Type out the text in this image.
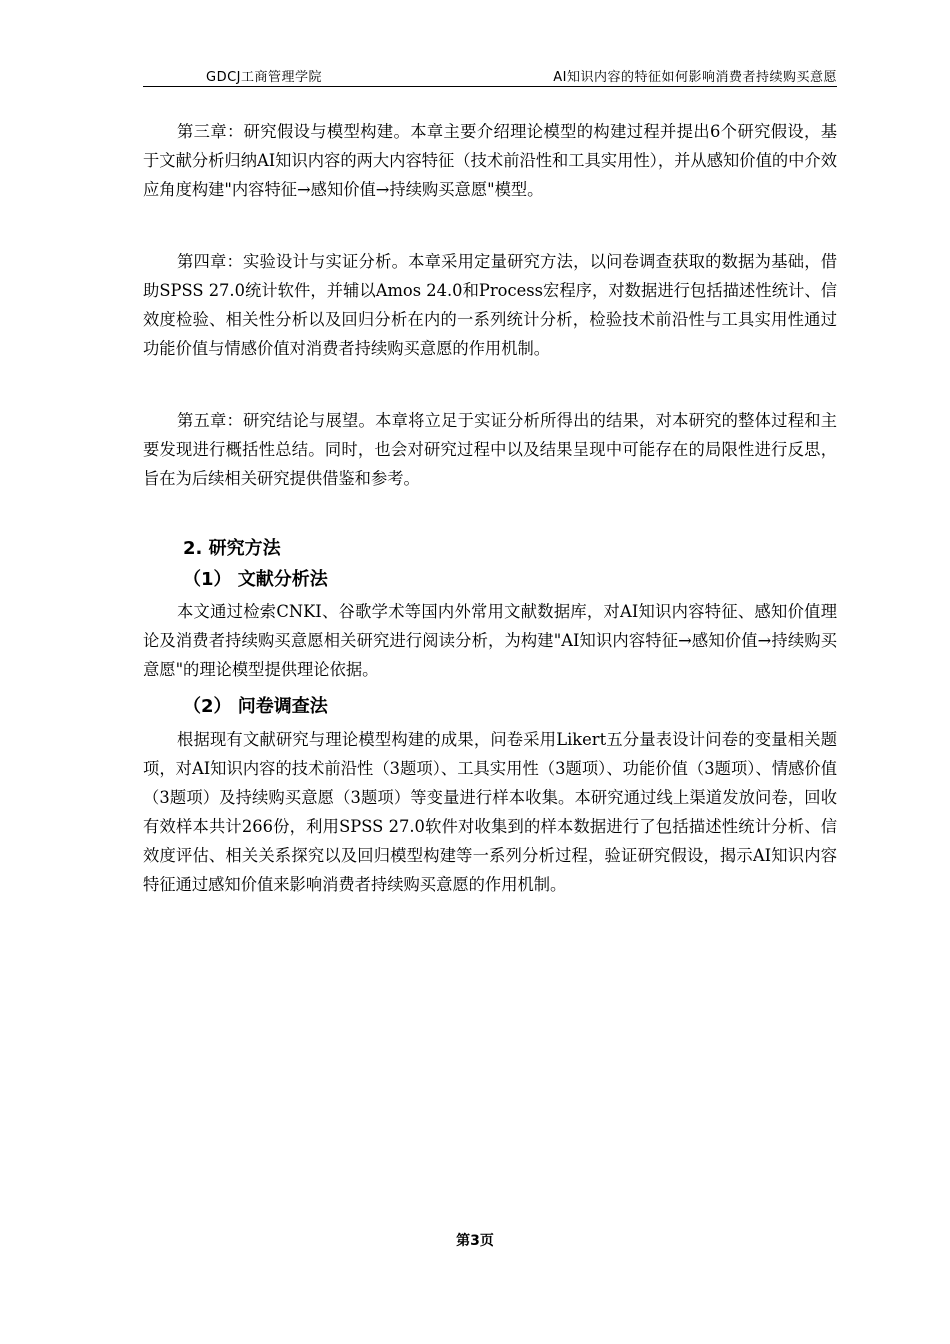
GDCJ工商管理学院	AI知识内容的特征如何影响消费者持续购买意愿

第三章：研究假设与模型构建。本章主要介绍理论模型的构建过程并提出6个研究假设，基于文献分析归纳AI知识内容的两大内容特征（技术前沿性和工具实用性），并从感知价值的中介效应角度构建"内容特征→感知价值→持续购买意愿"模型。

第四章：实验设计与实证分析。本章采用定量研究方法，以问卷调查获取的数据为基础，借助SPSS 27.0统计软件，并辅以Amos 24.0和Process宏程序，对数据进行包括描述性统计、信效度检验、相关性分析以及回归分析在内的一系列统计分析，检验技术前沿性与工具实用性通过功能价值与情感价值对消费者持续购买意愿的作用机制。

第五章：研究结论与展望。本章将立足于实证分析所得出的结果，对本研究的整体过程和主要发现进行概括性总结。同时，也会对研究过程中以及结果呈现中可能存在的局限性进行反思，旨在为后续相关研究提供借鉴和参考。

2. 研究方法
（1） 文献分析法

本文通过检索CNKI、谷歌学术等国内外常用文献数据库，对AI知识内容特征、感知价值理论及消费者持续购买意愿相关研究进行阅读分析，为构建"AI知识内容特征→感知价值→持续购买意愿"的理论模型提供理论依据。

（2） 问卷调查法

根据现有文献研究与理论模型构建的成果，问卷采用Likert五分量表设计问卷的变量相关题项，对AI知识内容的技术前沿性（3题项）、工具实用性（3题项）、功能价值（3题项）、情感价值（3题项）及持续购买意愿（3题项）等变量进行样本收集。本研究通过线上渠道发放问卷，回收有效样本共计266份，利用SPSS 27.0软件对收集到的样本数据进行了包括描述性统计分析、信效度评估、相关关系探究以及回归模型构建等一系列分析过程，验证研究假设，揭示AI知识内容特征通过感知价值来影响消费者持续购买意愿的作用机制。

第3页
